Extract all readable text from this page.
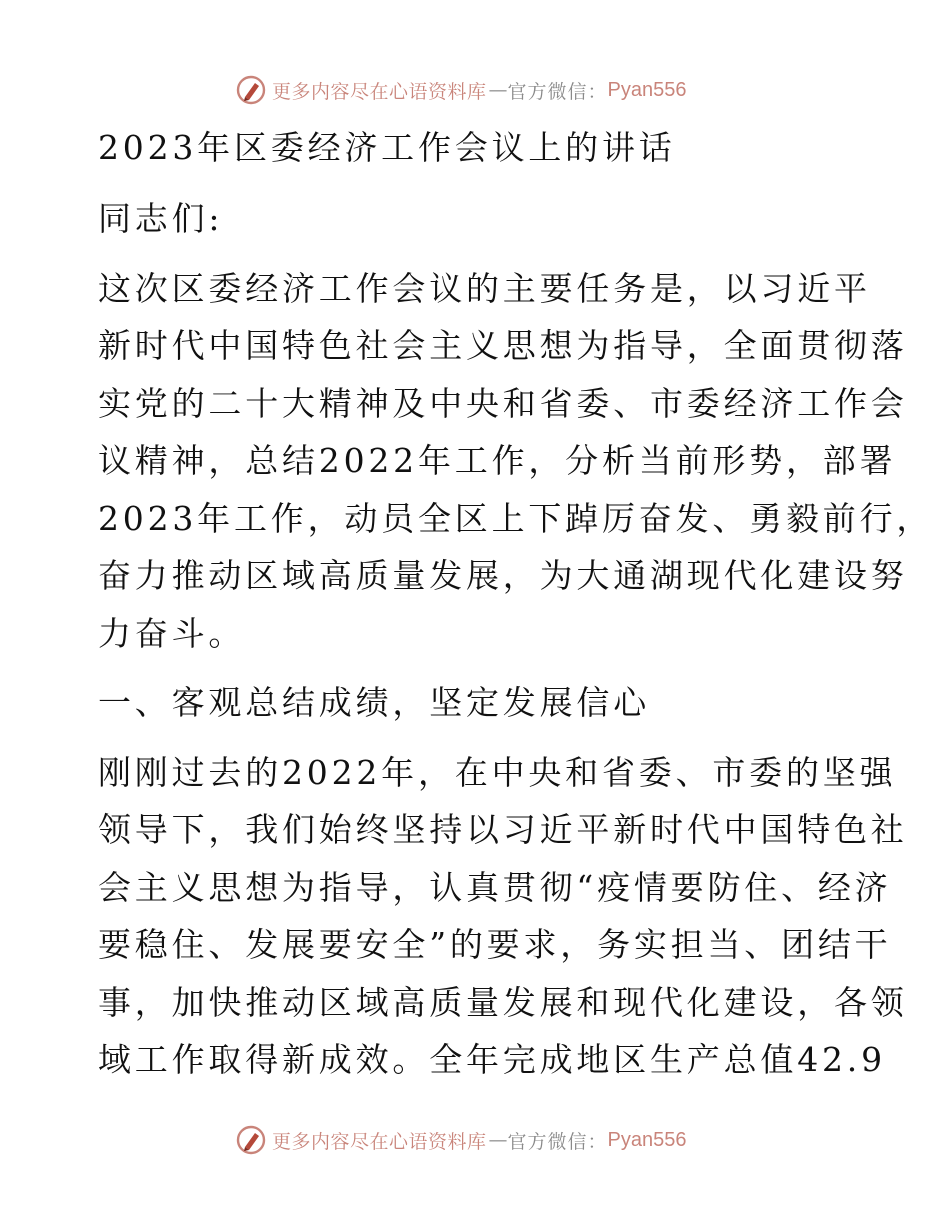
更多内容尽在心语资料库 — 官方微信： Pyan556

2023年区委经济工作会议上的讲话

同志们:

这次区委经济工作会议的主要任务是，以习近平

新时代中国特色社会主义思想为指导，全面贯彻落

实党的二十大精神及中央和省委、市委经济工作会

议精神，总结2022年工作，分析当前形势，部署

2023年工作，动员全区上下踔厉奋发、勇毅前行，

奋力推动区域高质量发展，为大通湖现代化建设努

力奋斗。

一、客观总结成绩，坚定发展信心

刚刚过去的2022年，在中央和省委、市委的坚强

领导下，我们始终坚持以习近平新时代中国特色社

会主义思想为指导，认真贯彻“疫情要防住、经济

要稳住、发展要安全”的要求，务实担当、团结干

事，加快推动区域高质量发展和现代化建设，各领

域工作取得新成效。全年完成地区生产总值42.9

更多内容尽在心语资料库 — 官方微信： Pyan556
